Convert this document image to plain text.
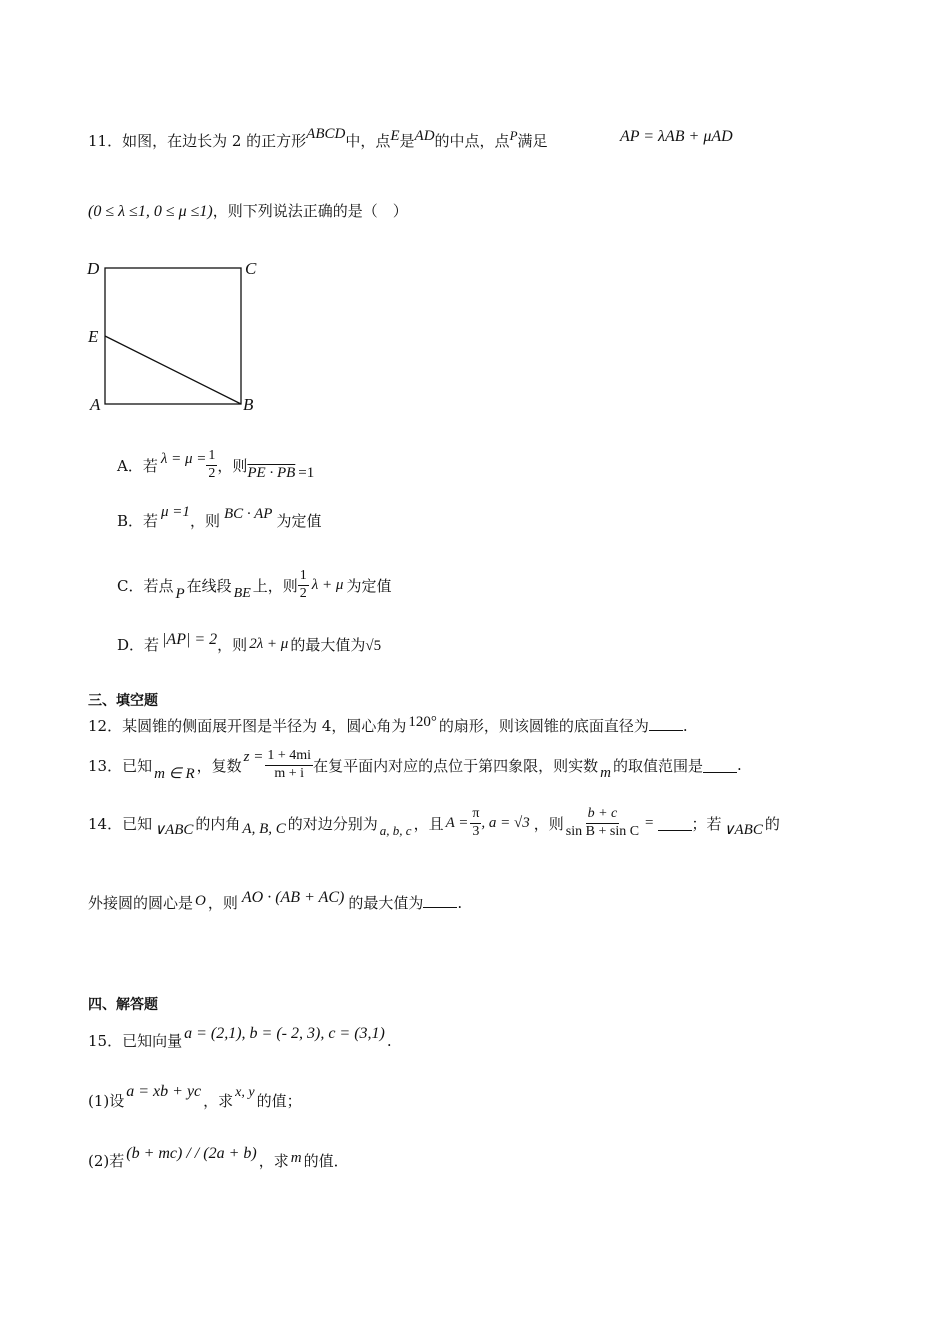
11．如图，在边长为 2 的正方形ABCD中，点E是AD的中点，点P满足	AP = λAB + μAD
(0 ≤ λ ≤1, 0 ≤ μ ≤1)，则下列说法正确的是（　）
D	C
E
A	B
A．若 $\lambda = \mu = \frac{1}{2}$ ，则 PE · PB =1
B．若 μ =1，则 BC · AP 为定值
C．若点 P 在线段 BE 上，则 $\frac{1}{2}$ λ + μ 为定值
D．若 |AP| = 2，则 2λ + μ 的最大值为√5
三、填空题
12．某圆锥的侧面展开图是半径为 4，圆心角为 120° 的扇形，则该圆锥的底面直径为 .
13．已知 m ∈ R ，复数 $z = \frac{1 + 4mi}{m + i}$ 在复平面内对应的点位于第四象限，则实数 m 的取值范围是 .
14．已知 ∨ABC 的内角 A, B, C 的对边分别为 a, b, c ，且 $A = \frac{\pi}{3}$ , a = √3 ，则 $\frac{b + c}{\text{sin B + sin C}}$ =	；若 ∨ABC 的
外接圆的圆心是 O ，则 AO · (AB + AC) 的最大值为 .
四、解答题
15．已知向量 a = (2,1), b = (- 2, 3), c = (3,1) .
(1)设a = xb + yc，求 x, y 的值；
(2)若 (b + mc) / / (2a + b) ，求 m 的值．
